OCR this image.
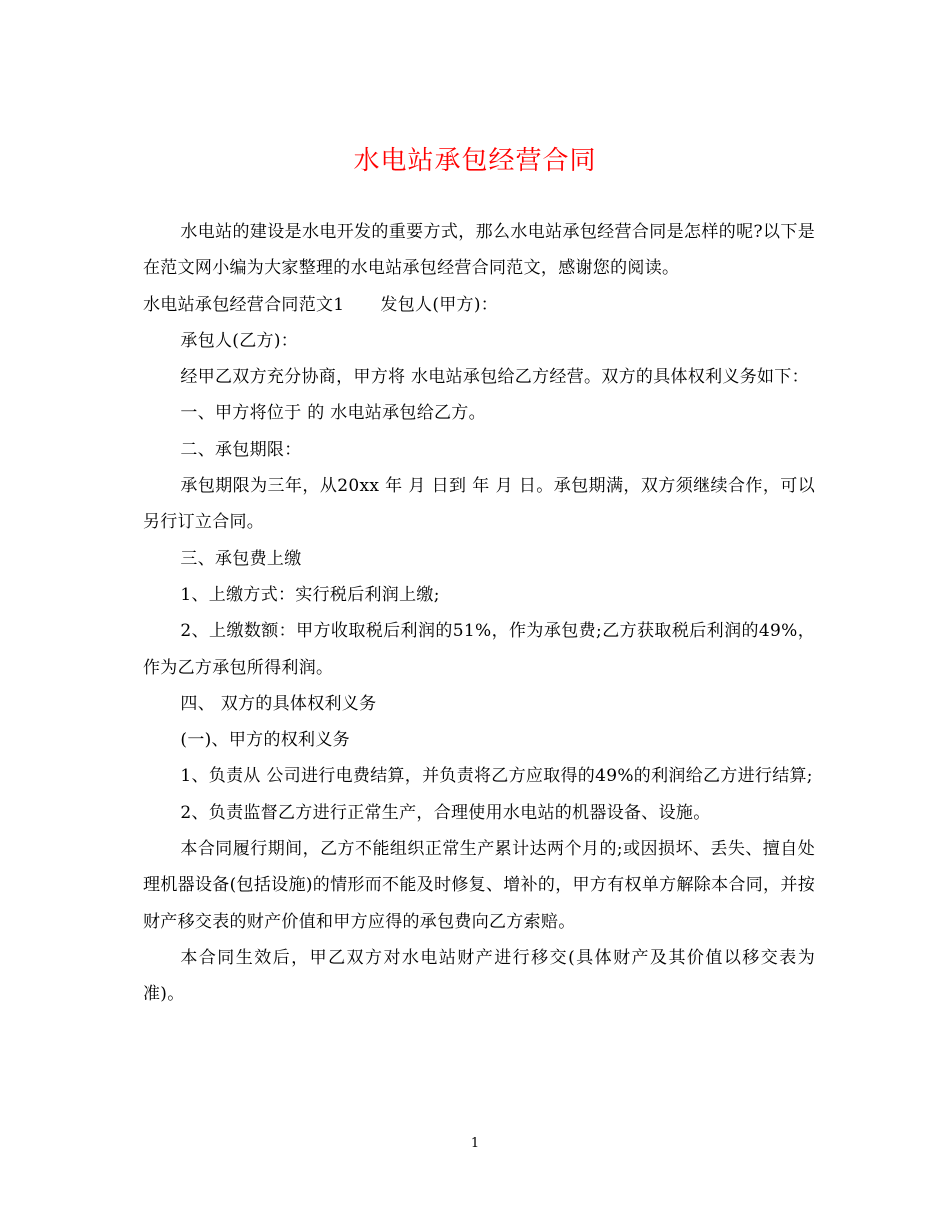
水电站承包经营合同

水电站的建设是水电开发的重要方式，那么水电站承包经营合同是怎样的呢?以下是在范文网小编为大家整理的水电站承包经营合同范文，感谢您的阅读。

水电站承包经营合同范文1 发包人(甲方)：

承包人(乙方)：

经甲乙双方充分协商，甲方将 水电站承包给乙方经营。双方的具体权利义务如下：

一、甲方将位于 的 水电站承包给乙方。

二、承包期限：

承包期限为三年，从20xx 年 月 日到 年 月 日。承包期满，双方须继续合作，可以另行订立合同。

三、承包费上缴

1、上缴方式：实行税后利润上缴;

2、上缴数额：甲方收取税后利润的51%，作为承包费;乙方获取税后利润的49%，作为乙方承包所得利润。

四、 双方的具体权利义务

(一)、甲方的权利义务

1、负责从 公司进行电费结算，并负责将乙方应取得的49%的利润给乙方进行结算;

2、负责监督乙方进行正常生产，合理使用水电站的机器设备、设施。

本合同履行期间，乙方不能组织正常生产累计达两个月的;或因损坏、丢失、擅自处理机器设备(包括设施)的情形而不能及时修复、增补的，甲方有权单方解除本合同，并按财产移交表的财产价值和甲方应得的承包费向乙方索赔。

本合同生效后，甲乙双方对水电站财产进行移交(具体财产及其价值以移交表为准)。

1
